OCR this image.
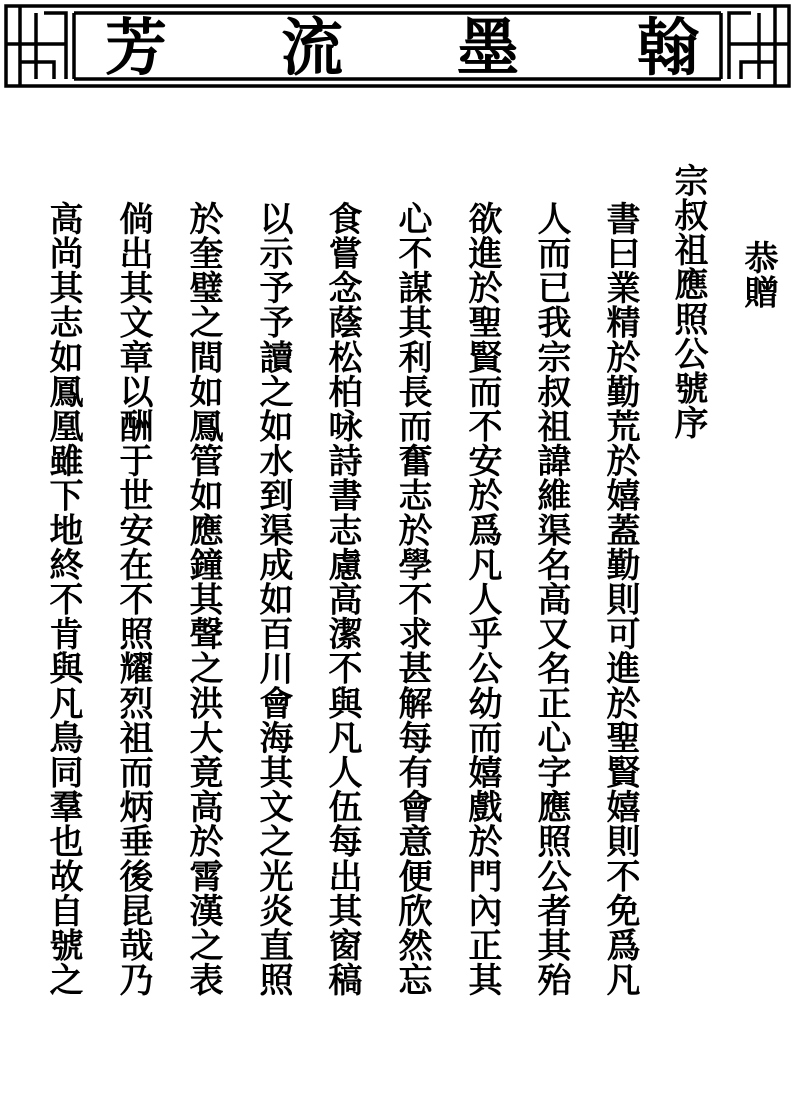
芳 流 墨 翰
恭贈
宗叔祖應照公號序
書曰業精於勤荒於嬉蓋勤則可進於聖賢嬉則不免爲凡
人而已我宗叔祖諱維渠名高又名正心字應照公者其殆
欲進於聖賢而不安於爲凡人乎公幼而嬉戲於門內正其
心不謀其利長而奮志於學不求甚解每有會意便欣然忘
食嘗念蔭松柏咏詩書志慮高潔不與凡人伍每出其窗稿
以示予予讀之如水到渠成如百川會海其文之光炎直照
於奎璧之間如鳳管如應鐘其聲之洪大竟高於霄漢之表
倘出其文章以酬于世安在不照耀烈祖而炳垂後昆哉乃
高尚其志如鳳凰雖下地終不肯與凡鳥同羣也故自號之
